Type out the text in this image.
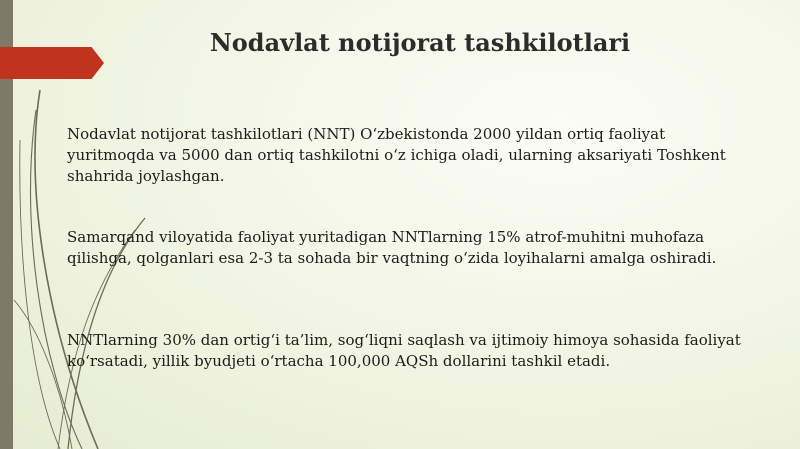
Nodavlat notijorat tashkilotlari
Nodavlat notijorat tashkilotlari (NNT) O‘zbekistonda 2000 yildan ortiq faoliyat yuritmoqda va 5000 dan ortiq tashkilotni o‘z ichiga oladi, ularning aksariyati Toshkent shahrida joylashgan.
Samarqand viloyatida faoliyat yuritadigan NNTlarning 15% atrof-muhitni muhofaza qilishga, qolganlari esa 2-3 ta sohada bir vaqtning o‘zida loyihalarni amalga oshiradi.
NNTlarning 30% dan ortig‘i ta’lim, sog‘liqni saqlash va ijtimoiy himoya sohasida faoliyat ko‘rsatadi, yillik byudjeti o‘rtacha 100,000 AQSh dollarini tashkil etadi.
